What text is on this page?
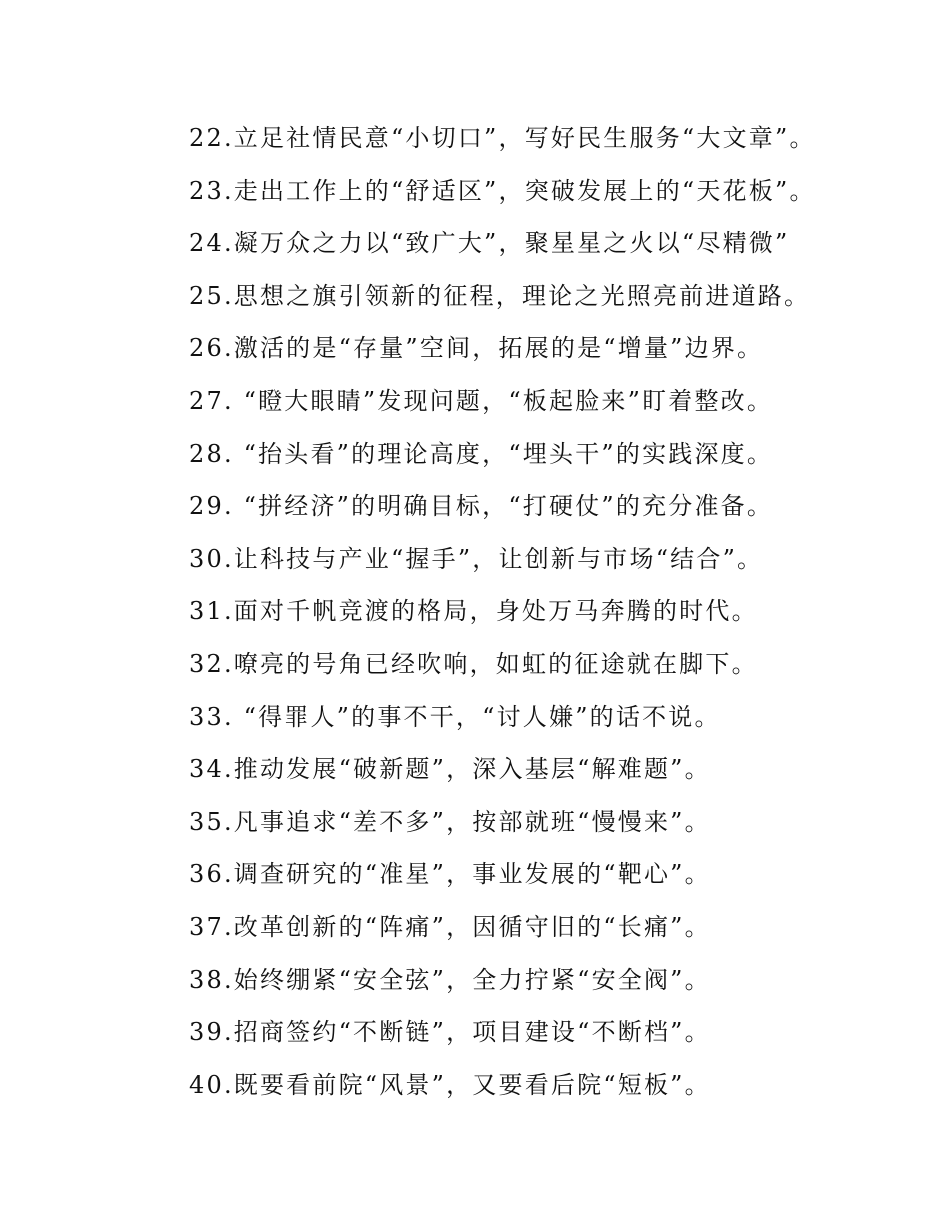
22.立足社情民意“小切口”，写好民生服务“大文章”。
23.走出工作上的“舒适区”，突破发展上的“天花板”。
24.凝万众之力以“致广大”，聚星星之火以“尽精微”
25.思想之旗引领新的征程，理论之光照亮前进道路。
26.激活的是“存量”空间，拓展的是“增量”边界。
27. “瞪大眼睛”发现问题，“板起脸来”盯着整改。
28. “抬头看”的理论高度，“埋头干”的实践深度。
29. “拼经济”的明确目标，“打硬仗”的充分准备。
30.让科技与产业“握手”，让创新与市场“结合”。
31.面对千帆竞渡的格局，身处万马奔腾的时代。
32.嘹亮的号角已经吹响，如虹的征途就在脚下。
33. “得罪人”的事不干，“讨人嫌”的话不说。
34.推动发展“破新题”，深入基层“解难题”。
35.凡事追求“差不多”，按部就班“慢慢来”。
36.调查研究的“准星”，事业发展的“靶心”。
37.改革创新的“阵痛”，因循守旧的“长痛”。
38.始终绷紧“安全弦”，全力拧紧“安全阀”。
39.招商签约“不断链”，项目建设“不断档”。
40.既要看前院“风景”，又要看后院“短板”。
